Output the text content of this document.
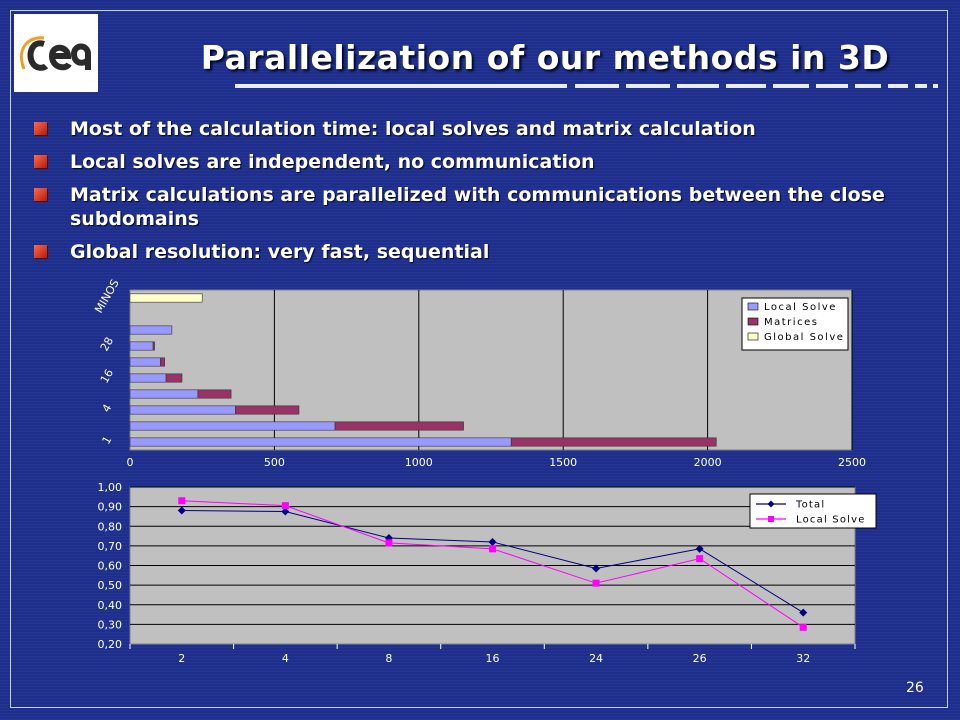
Parallelization of our methods in 3D
Most of the calculation time: local solves and matrix calculation
Local solves are independent, no communication
Matrix calculations are parallelized with communications between the close subdomains
Global resolution: very fast, sequential
0	500	1000	1500	2000	2500
1
4
16
28
MINOS	Local Solve
Matrices
Global Solve
0,20
0,30
0,40
0,50
0,60
0,70
0,80
0,90
1,00
2	4	8	16	24	26	32
Total
Local Solve
26
